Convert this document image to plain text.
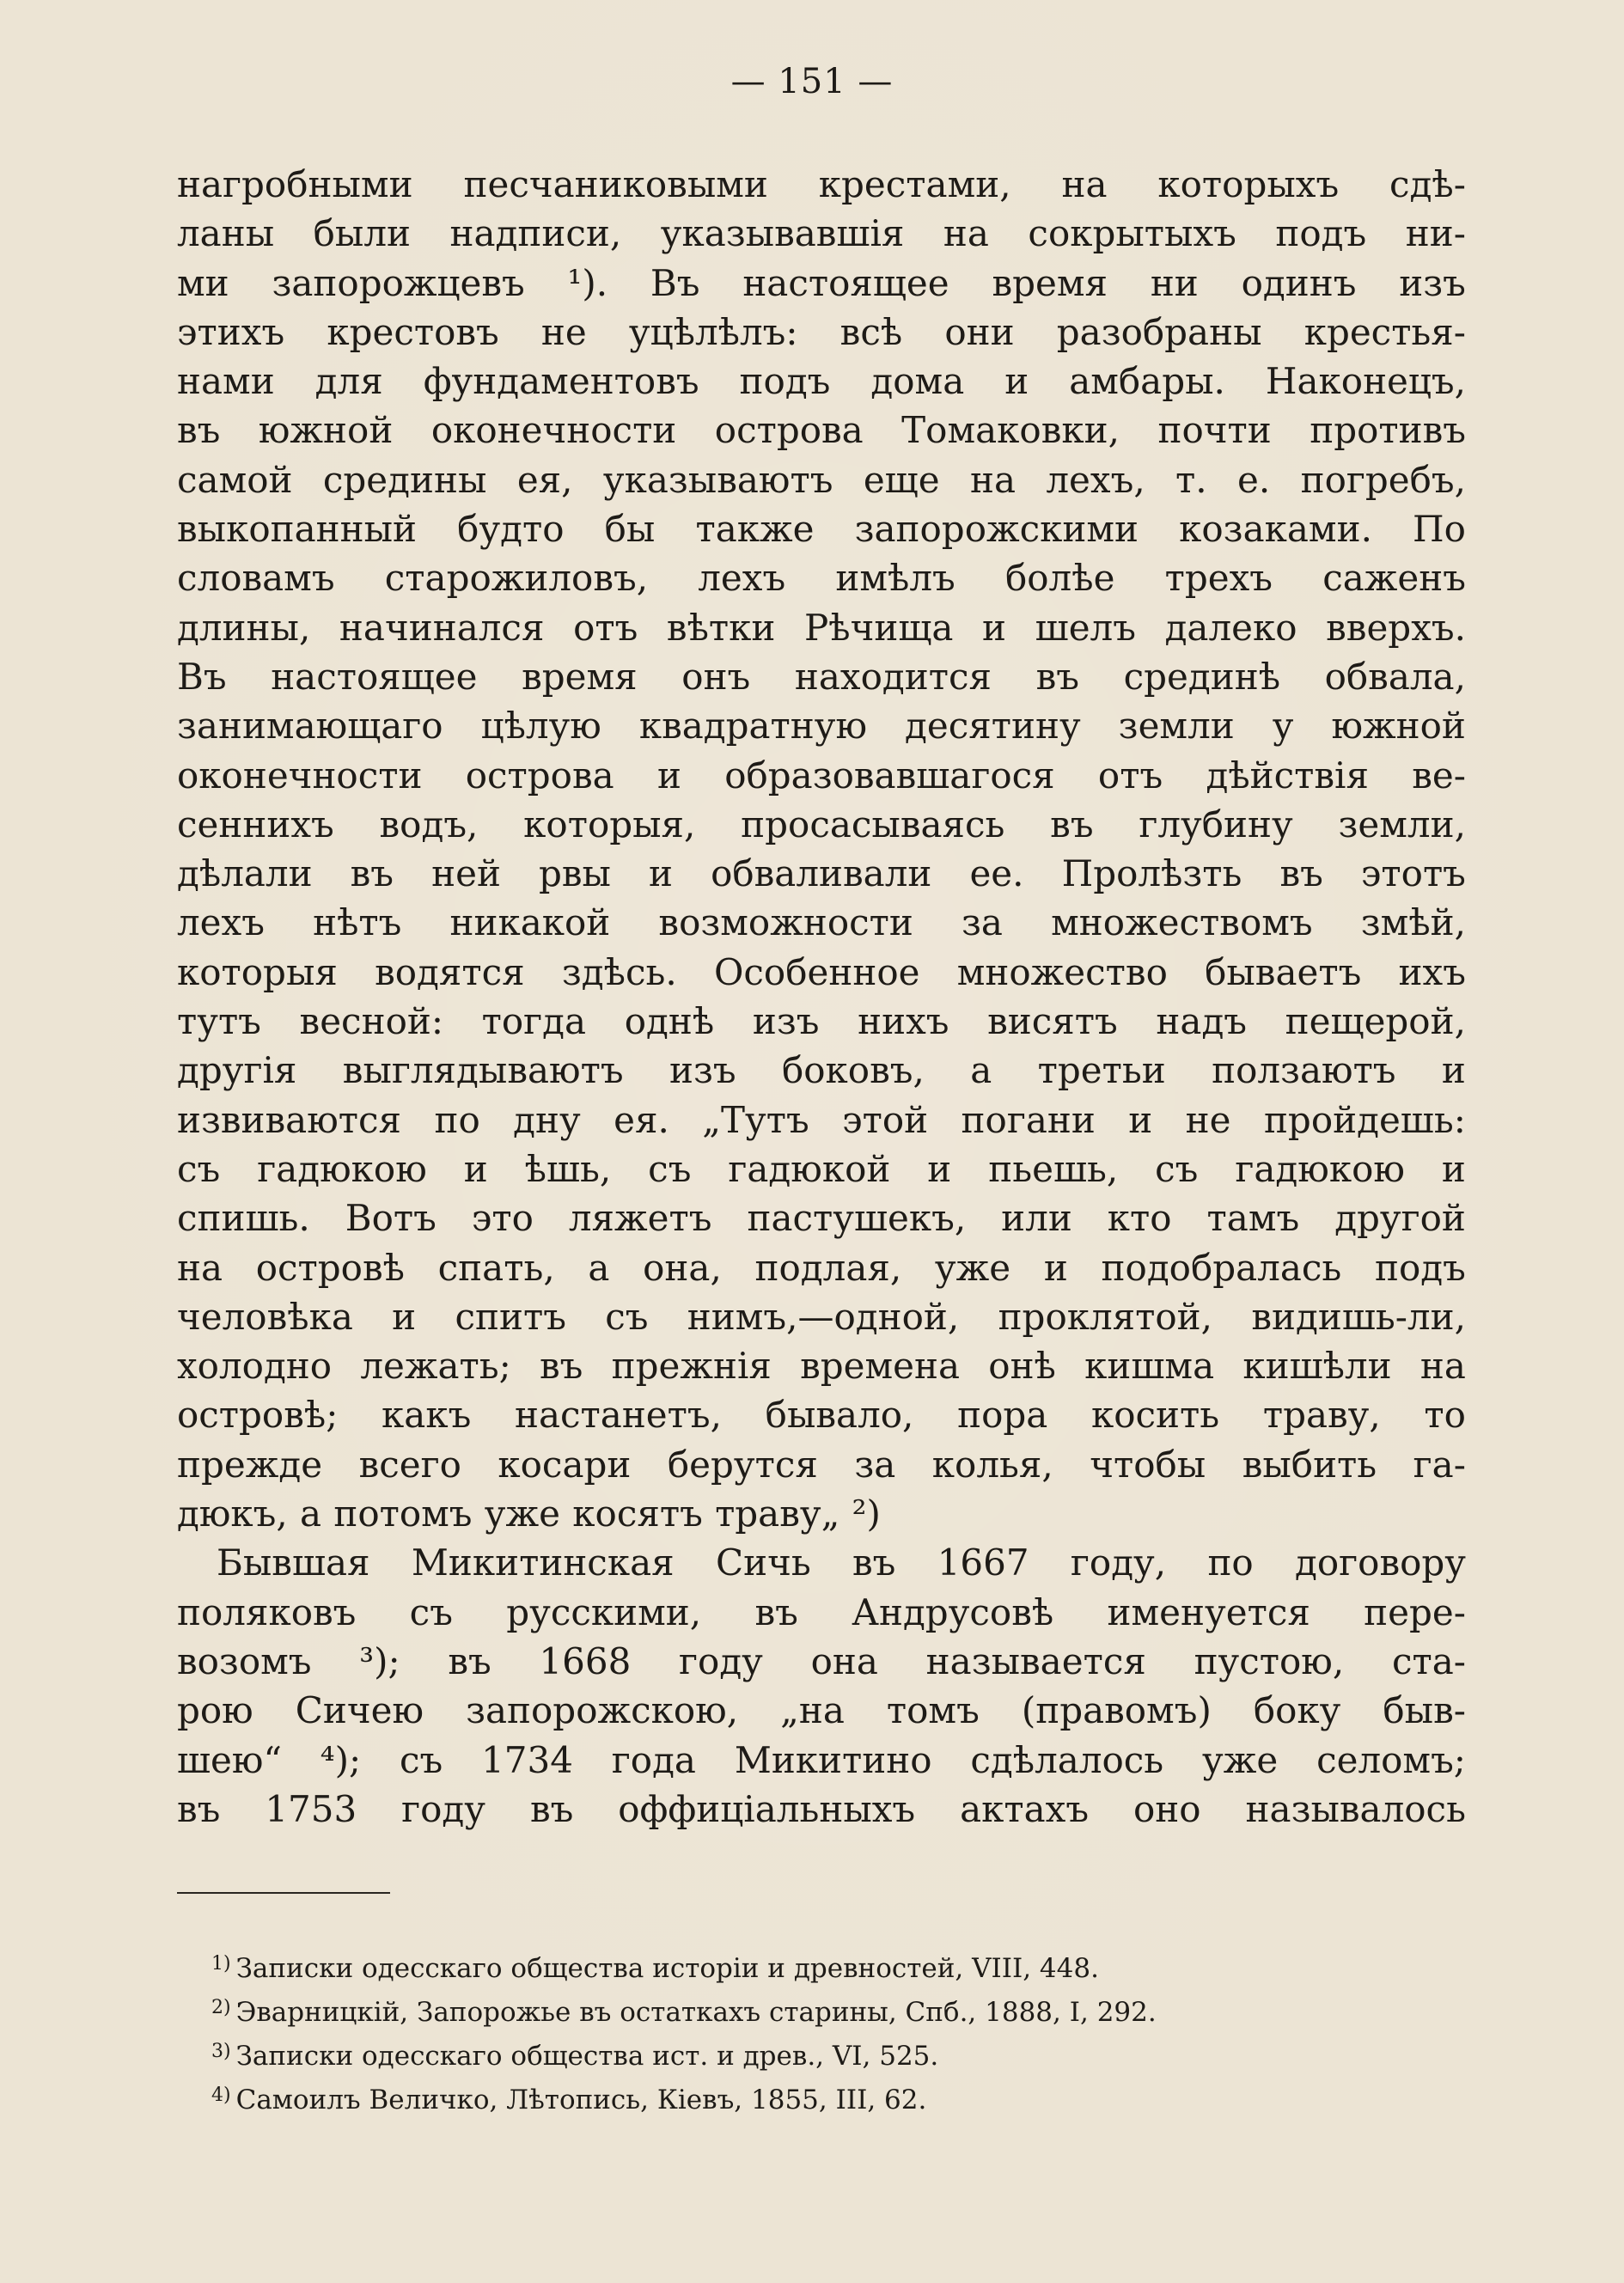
— 151 —
нагробными песчаниковыми крестами, на которыхъ сдѣ-
ланы были надписи, указывавшія на сокрытыхъ подъ ни-
ми запорожцевъ ¹). Въ настоящее время ни одинъ изъ
этихъ крестовъ не уцѣлѣлъ: всѣ они разобраны крестья-
нами для фундаментовъ подъ дома и амбары. Наконецъ,
въ южной оконечности острова Томаковки, почти противъ
самой средины ея, указываютъ еще на лехъ, т. е. погребъ,
выкопанный будто бы также запорожскими козаками. По
словамъ старожиловъ, лехъ имѣлъ болѣе трехъ саженъ
длины, начинался отъ вѣтки Рѣчища и шелъ далеко вверхъ.
Въ настоящее время онъ находится въ срединѣ обвала,
занимающаго цѣлую квадратную десятину земли у южной
оконечности острова и образовавшагося отъ дѣйствія ве-
сеннихъ водъ, которыя, просасываясь въ глубину земли,
дѣлали въ ней рвы и обваливали ее. Пролѣзть въ этотъ
лехъ нѣтъ никакой возможности за множествомъ змѣй,
которыя водятся здѣсь. Особенное множество бываетъ ихъ
тутъ весной: тогда однѣ изъ нихъ висятъ надъ пещерой,
другія выглядываютъ изъ боковъ, а третьи ползаютъ и
извиваются по дну ея. „Тутъ этой погани и не пройдешь:
съ гадюкою и ѣшь, съ гадюкой и пьешь, съ гадюкою и
спишь. Вотъ это ляжетъ пастушекъ, или кто тамъ другой
на островѣ спать, а она, подлая, уже и подобралась подъ
человѣка и спитъ съ нимъ,—одной, проклятой, видишь-ли,
холодно лежать; въ прежнія времена онѣ кишма кишѣли на
островѣ; какъ настанетъ, бывало, пора косить траву, то
прежде всего косари берутся за колья, чтобы выбить га-
дюкъ, а потомъ уже косятъ траву„ ²)
Бывшая Микитинская Сичь въ 1667 году, по договору
поляковъ съ русскими, въ Андрусовѣ именуется пере-
возомъ ³); въ 1668 году она называется пустою, ста-
рою Сичею запорожскою, „на томъ (правомъ) боку быв-
шею“ ⁴); съ 1734 года Микитино сдѣлалось уже селомъ;
въ 1753 году въ оффиціальныхъ актахъ оно называлось
$^{1)}$ Записки одесскаго общества исторіи и древностей, VIII, 448.
$^{2)}$ Эварницкій, Запорожье въ остаткахъ старины, Спб., 1888, I, 292.
$^{3)}$ Записки одесскаго общества ист. и древ., VI, 525.
$^{4)}$ Самоилъ Величко, Лѣтопись, Кіевъ, 1855, III, 62.
